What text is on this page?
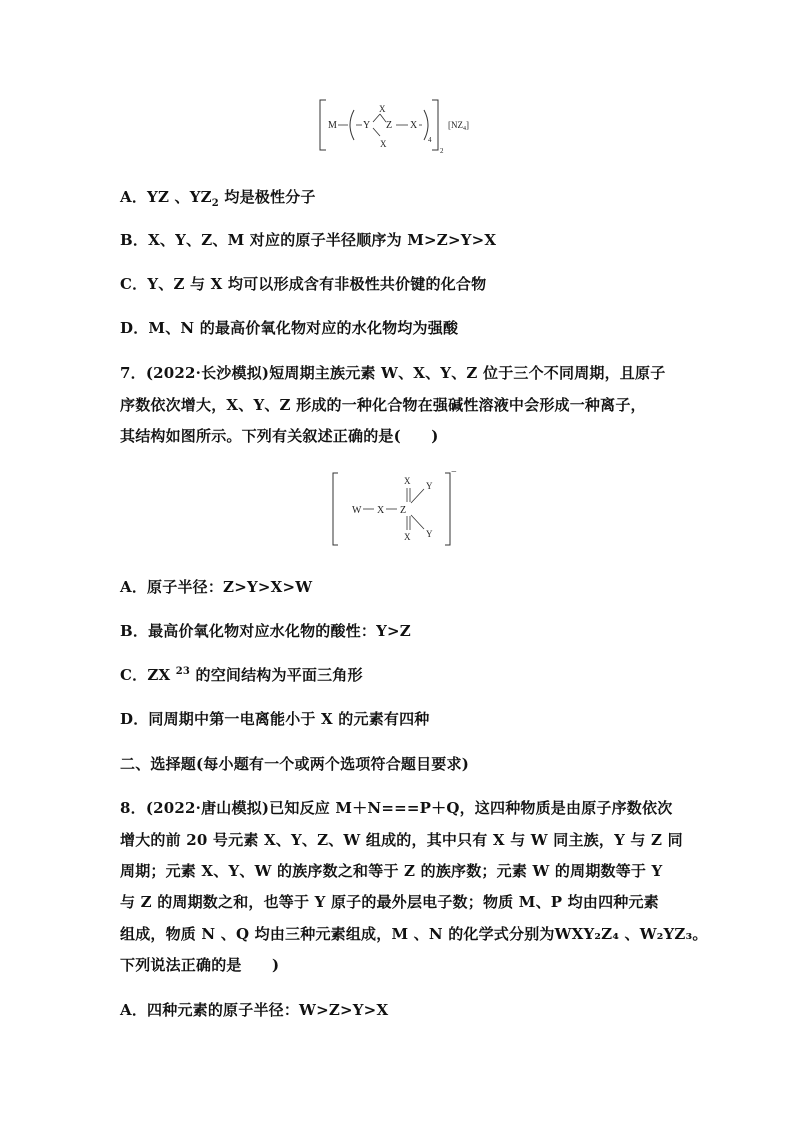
M	Y
X
X
Z X
4
2
$[NZ_4]$
A．YZ 、$YZ_2$ 均是极性分子
B．X、Y、Z、M 对应的原子半径顺序为 M>Z>Y>X
C．Y、Z 与 X 均可以形成含有非极性共价键的化合物
D．M、N 的最高价氧化物对应的水化物均为强酸
7．(2022·长沙模拟)短周期主族元素 W、X、Y、Z 位于三个不同周期，且原子
序数依次增大，X、Y、Z 形成的一种化合物在强碱性溶液中会形成一种离子，
其结构如图所示。下列有关叙述正确的是(　　)
−
W X Z
X Y
X Y
A．原子半径：Z>Y>X>W
B．最高价氧化物对应水化物的酸性：Y>Z
C．ZX $^{23}$ 的空间结构为平面三角形
D．同周期中第一电离能小于 X 的元素有四种
二、选择题(每小题有一个或两个选项符合题目要求)
8．(2022·唐山模拟)已知反应 M＋N===P＋Q，这四种物质是由原子序数依次
增大的前 20 号元素 X、Y、Z、W 组成的，其中只有 X 与 W 同主族，Y 与 Z 同
周期；元素 X、Y、W 的族序数之和等于 Z 的族序数；元素 W 的周期数等于 Y
与 Z 的周期数之和，也等于 Y 原子的最外层电子数；物质 M、P 均由四种元素
组成，物质 N 、Q 均由三种元素组成，M 、N 的化学式分别为WXY₂Z₄ 、W₂YZ₃。
下列说法正确的是　　)
A．四种元素的原子半径：W>Z>Y>X
